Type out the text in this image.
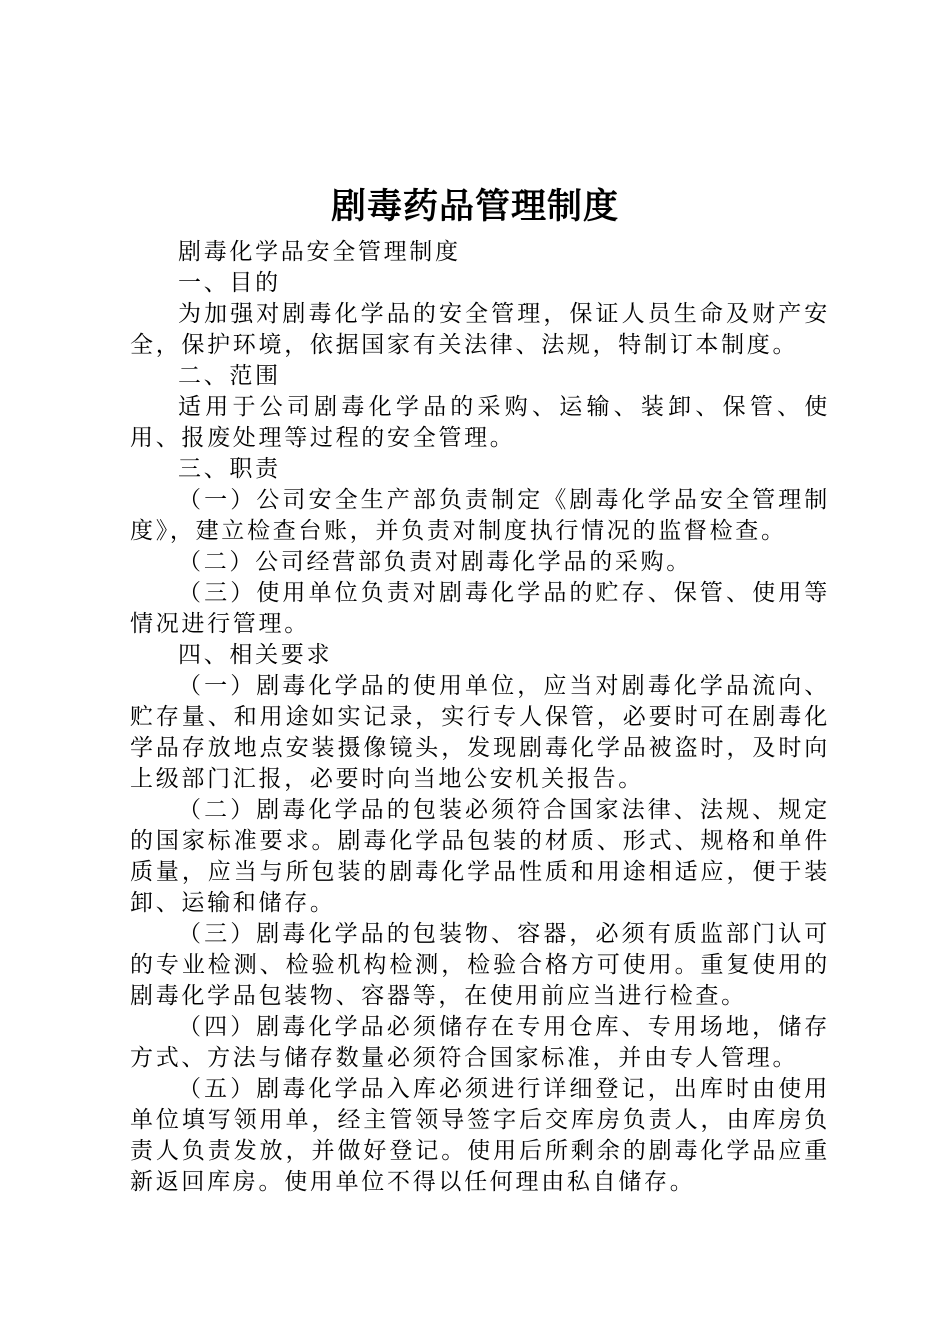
剧毒药品管理制度

剧毒化学品安全管理制度

一、目的

为加强对剧毒化学品的安全管理，保证人员生命及财产安全，保护环境，依据国家有关法律、法规，特制订本制度。

二、范围

适用于公司剧毒化学品的采购、运输、装卸、保管、使用、报废处理等过程的安全管理。

三、职责

（一）公司安全生产部负责制定《剧毒化学品安全管理制度》，建立检查台账，并负责对制度执行情况的监督检查。

（二）公司经营部负责对剧毒化学品的采购。

（三）使用单位负责对剧毒化学品的贮存、保管、使用等情况进行管理。

四、相关要求

（一）剧毒化学品的使用单位，应当对剧毒化学品流向、贮存量、和用途如实记录，实行专人保管，必要时可在剧毒化学品存放地点安装摄像镜头，发现剧毒化学品被盗时，及时向上级部门汇报，必要时向当地公安机关报告。

（二）剧毒化学品的包装必须符合国家法律、法规、规定的国家标准要求。剧毒化学品包装的材质、形式、规格和单件质量，应当与所包装的剧毒化学品性质和用途相适应，便于装卸、运输和储存。

（三）剧毒化学品的包装物、容器，必须有质监部门认可的专业检测、检验机构检测，检验合格方可使用。重复使用的剧毒化学品包装物、容器等，在使用前应当进行检查。

（四）剧毒化学品必须储存在专用仓库、专用场地，储存方式、方法与储存数量必须符合国家标准，并由专人管理。

（五）剧毒化学品入库必须进行详细登记，出库时由使用单位填写领用单，经主管领导签字后交库房负责人，由库房负责人负责发放，并做好登记。使用后所剩余的剧毒化学品应重新返回库房。使用单位不得以任何理由私自储存。
